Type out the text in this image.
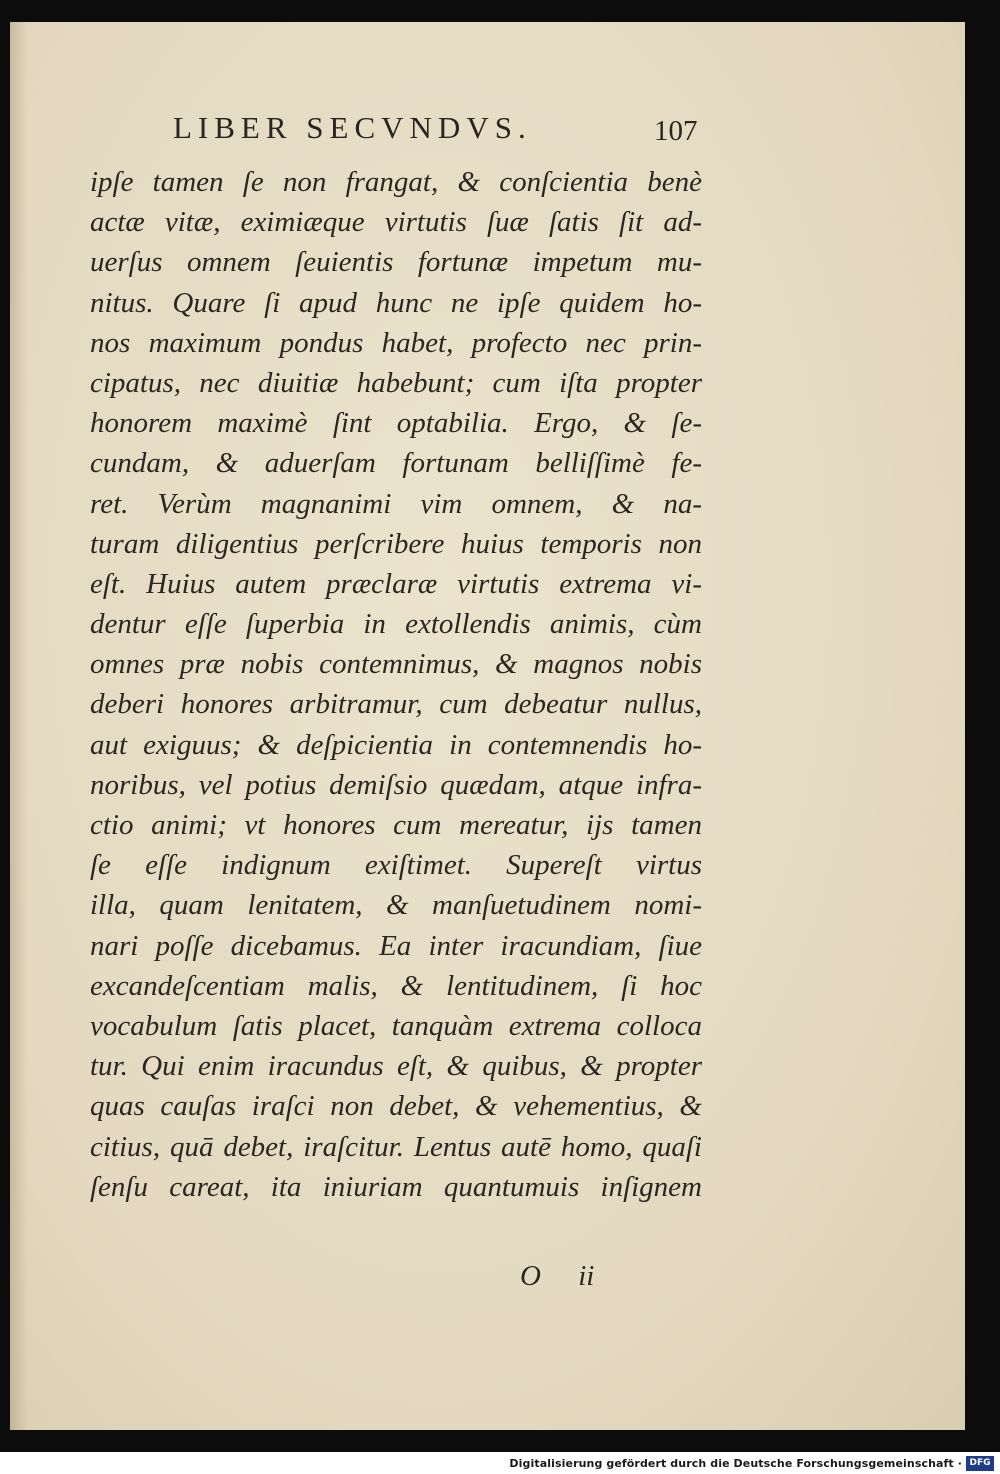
LIBER SECVNDVS.	107
ipſe tamen ſe non frangat, & conſcientia benè
actæ vitæ, eximiæque virtutis ſuæ ſatis ſit ad-
uerſus omnem ſeuientis fortunæ impetum mu-
nitus. Quare ſi apud hunc ne ipſe quidem ho-
nos maximum pondus habet, profecto nec prin-
cipatus, nec diuitiæ habebunt; cum iſta propter
honorem maximè ſint optabilia. Ergo, & ſe-
cundam, & aduerſam fortunam belliſſimè fe-
ret. Verùm magnanimi vim omnem, & na-
turam diligentius perſcribere huius temporis non
eſt. Huius autem præclaræ virtutis extrema vi-
dentur eſſe ſuperbia in extollendis animis, cùm
omnes præ nobis contemnimus, & magnos nobis
deberi honores arbitramur, cum debeatur nullus,
aut exiguus; & deſpicientia in contemnendis ho-
noribus, vel potius demiſsio quædam, atque infra-
ctio animi; vt honores cum mereatur, ijs tamen
ſe eſſe indignum exiſtimet. Supereſt virtus
illa, quam lenitatem, & manſuetudinem nomi-
nari poſſe dicebamus. Ea inter iracundiam, ſiue
excandeſcentiam malis, & lentitudinem, ſi hoc
vocabulum ſatis placet, tanquàm extrema colloca
tur. Qui enim iracundus eſt, & quibus, & propter
quas cauſas iraſci non debet, & vehementius, &
citius, quā debet, iraſcitur. Lentus autē homo, quaſi
ſenſu careat, ita iniuriam quantumuis inſignem
O ii
Digitalisierung gefördert durch die Deutsche Forschungsgemeinschaft · DFG
